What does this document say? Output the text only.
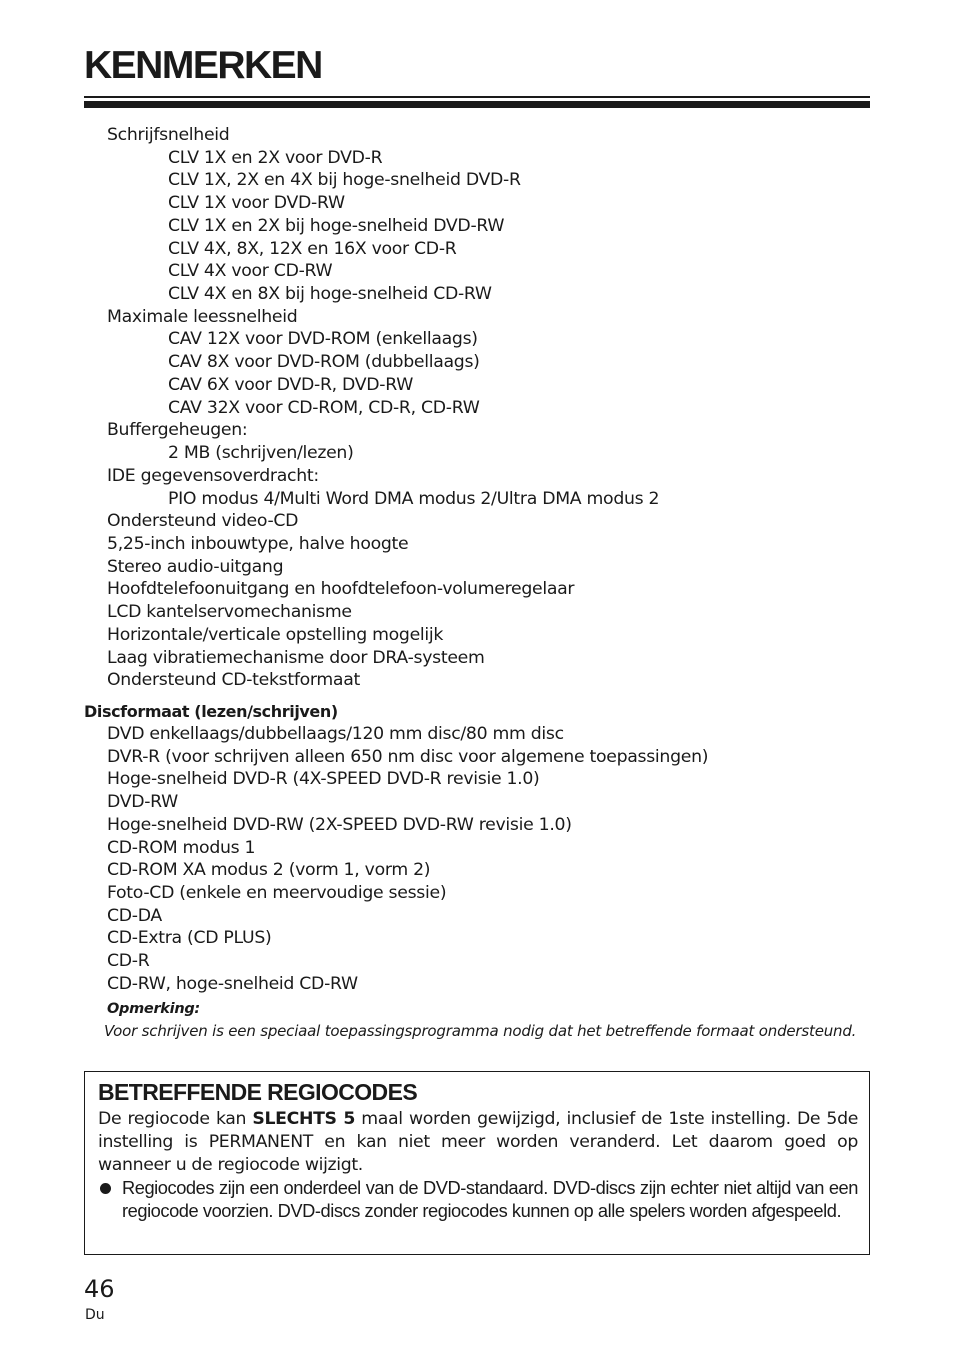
KENMERKEN
Schrijfsnelheid
CLV 1X en 2X voor DVD-R
CLV 1X, 2X en 4X bij hoge-snelheid DVD-R
CLV 1X voor DVD-RW
CLV 1X en 2X bij hoge-snelheid DVD-RW
CLV 4X, 8X, 12X en 16X voor CD-R
CLV 4X voor CD-RW
CLV 4X en 8X bij hoge-snelheid CD-RW
Maximale leessnelheid
CAV 12X voor DVD-ROM (enkellaags)
CAV 8X voor DVD-ROM (dubbellaags)
CAV 6X voor DVD-R, DVD-RW
CAV 32X voor CD-ROM, CD-R, CD-RW
Buffergeheugen:
2 MB (schrijven/lezen)
IDE gegevensoverdracht:
PIO modus 4/Multi Word DMA modus 2/Ultra DMA modus 2
Ondersteund video-CD
5,25-inch inbouwtype, halve hoogte
Stereo audio-uitgang
Hoofdtelefoonuitgang en hoofdtelefoon-volumeregelaar
LCD kantelservomechanisme
Horizontale/verticale opstelling mogelijk
Laag vibratiemechanisme door DRA-systeem
Ondersteund CD-tekstformaat
Discformaat (lezen/schrijven)
DVD enkellaags/dubbellaags/120 mm disc/80 mm disc
DVR-R (voor schrijven alleen 650 nm disc voor algemene toepassingen)
Hoge-snelheid DVD-R (4X-SPEED DVD-R revisie 1.0)
DVD-RW
Hoge-snelheid DVD-RW (2X-SPEED DVD-RW revisie 1.0)
CD-ROM modus 1
CD-ROM XA modus 2 (vorm 1, vorm 2)
Foto-CD (enkele en meervoudige sessie)
CD-DA
CD-Extra (CD PLUS)
CD-R
CD-RW, hoge-snelheid CD-RW
Opmerking:
Voor schrijven is een speciaal toepassingsprogramma nodig dat het betreffende formaat ondersteund.
BETREFFENDE REGIOCODES

De regiocode kan SLECHTS 5 maal worden gewijzigd, inclusief de 1ste instelling. De 5de instelling is PERMANENT en kan niet meer worden veranderd. Let daarom goed op wanneer u de regiocode wijzigt.

Regiocodes zijn een onderdeel van de DVD-standaard. DVD-discs zijn echter niet altijd van een regiocode voorzien. DVD-discs zonder regiocodes kunnen op alle spelers worden afgespeeld.
46
Du
